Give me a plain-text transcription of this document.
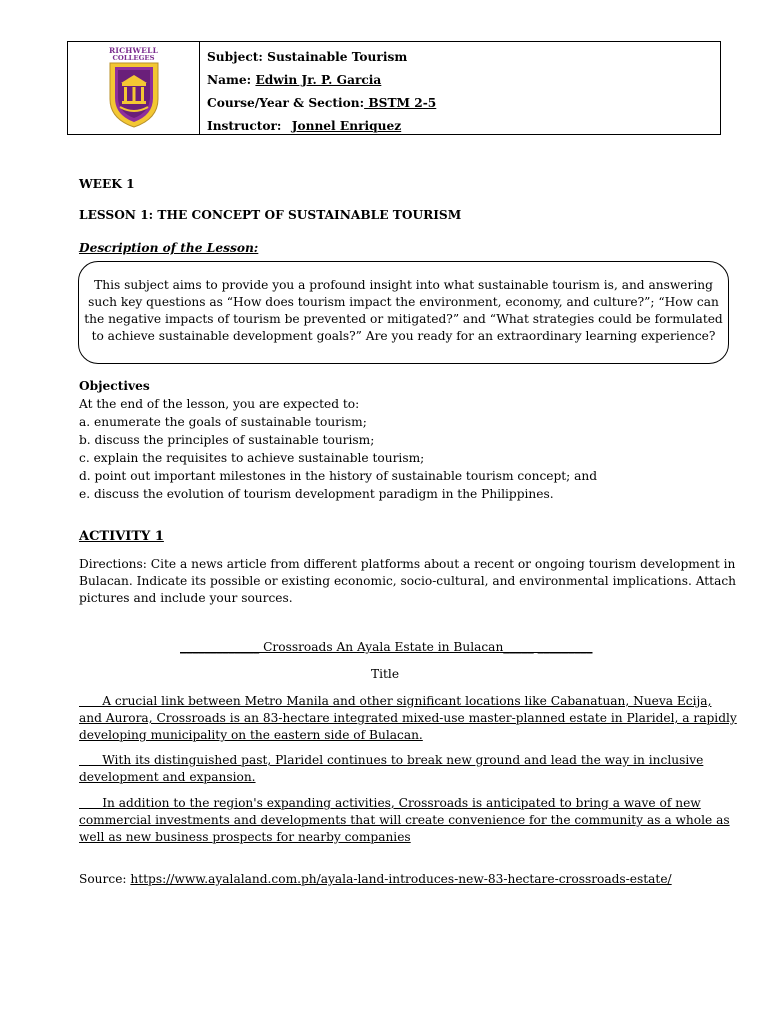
RICHWELL
COLLEGES	Subject: Sustainable Tourism
Name: Edwin Jr. P. Garcia
Course/Year & Section: BSTM 2-5
Instructor: Jonnel Enriquez
WEEK 1
LESSON 1: THE CONCEPT OF SUSTAINABLE TOURISM
Description of the Lesson:
This subject aims to provide you a profound insight into what sustainable tourism is, and answering
such key questions as “How does tourism impact the environment, economy, and culture?”; “How can
the negative impacts of tourism be prevented or mitigated?” and “What strategies could be formulated
to achieve sustainable development goals?” Are you ready for an extraordinary learning experience?
Objectives
At the end of the lesson, you are expected to:
a. enumerate the goals of sustainable tourism;
b. discuss the principles of sustainable tourism;
c. explain the requisites to achieve sustainable tourism;
d. point out important milestones in the history of sustainable tourism concept; and
e. discuss the evolution of tourism development paradigm in the Philippines.
ACTIVITY 1
Directions: Cite a news article from different platforms about a recent or ongoing tourism development in
Bulacan. Indicate its possible or existing economic, socio-cultural, and environmental implications. Attach
pictures and include your sources.
_____________ Crossroads An Ayala Estate in Bulacan_____ _________
Title
A crucial link between Metro Manila and other significant locations like Cabanatuan, Nueva Ecija,
and Aurora, Crossroads is an 83-hectare integrated mixed-use master-planned estate in Plaridel, a rapidly
developing municipality on the eastern side of Bulacan.
With its distinguished past, Plaridel continues to break new ground and lead the way in inclusive
development and expansion.
In addition to the region's expanding activities, Crossroads is anticipated to bring a wave of new
commercial investments and developments that will create convenience for the community as a whole as
well as new business prospects for nearby companies
Source: https://www.ayalaland.com.ph/ayala-land-introduces-new-83-hectare-crossroads-estate/
